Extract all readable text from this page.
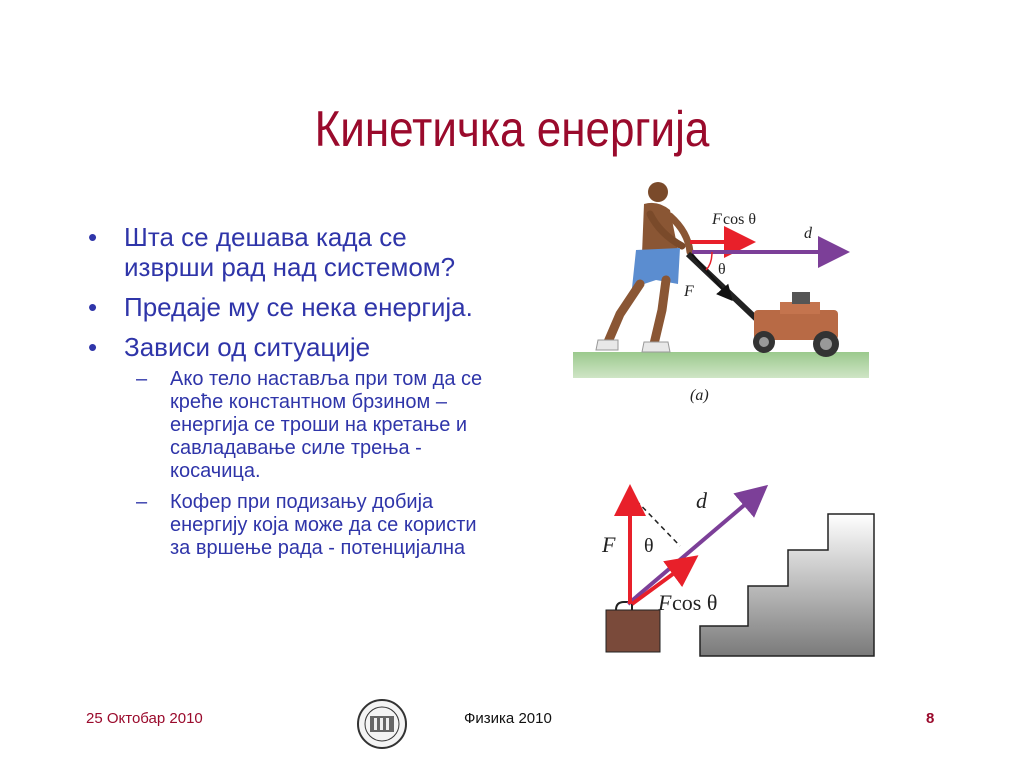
Кинетичка енергија
• Шта се дешава када се изврши рад над системом?
• Предаје му се нека енергија.
• Зависи од ситуације
– Ако тело наставља при том да се креће константном брзином – енергија се троши на кретање и савладавање силе трења - косачица.
– Кофер при подизању добија енергију која може да се користи за вршење рада - потенцијална
F cos θ
d
θ
F
(a)
d
F θ
F cos θ
25 Октобар 2010	Физика 2010	8
